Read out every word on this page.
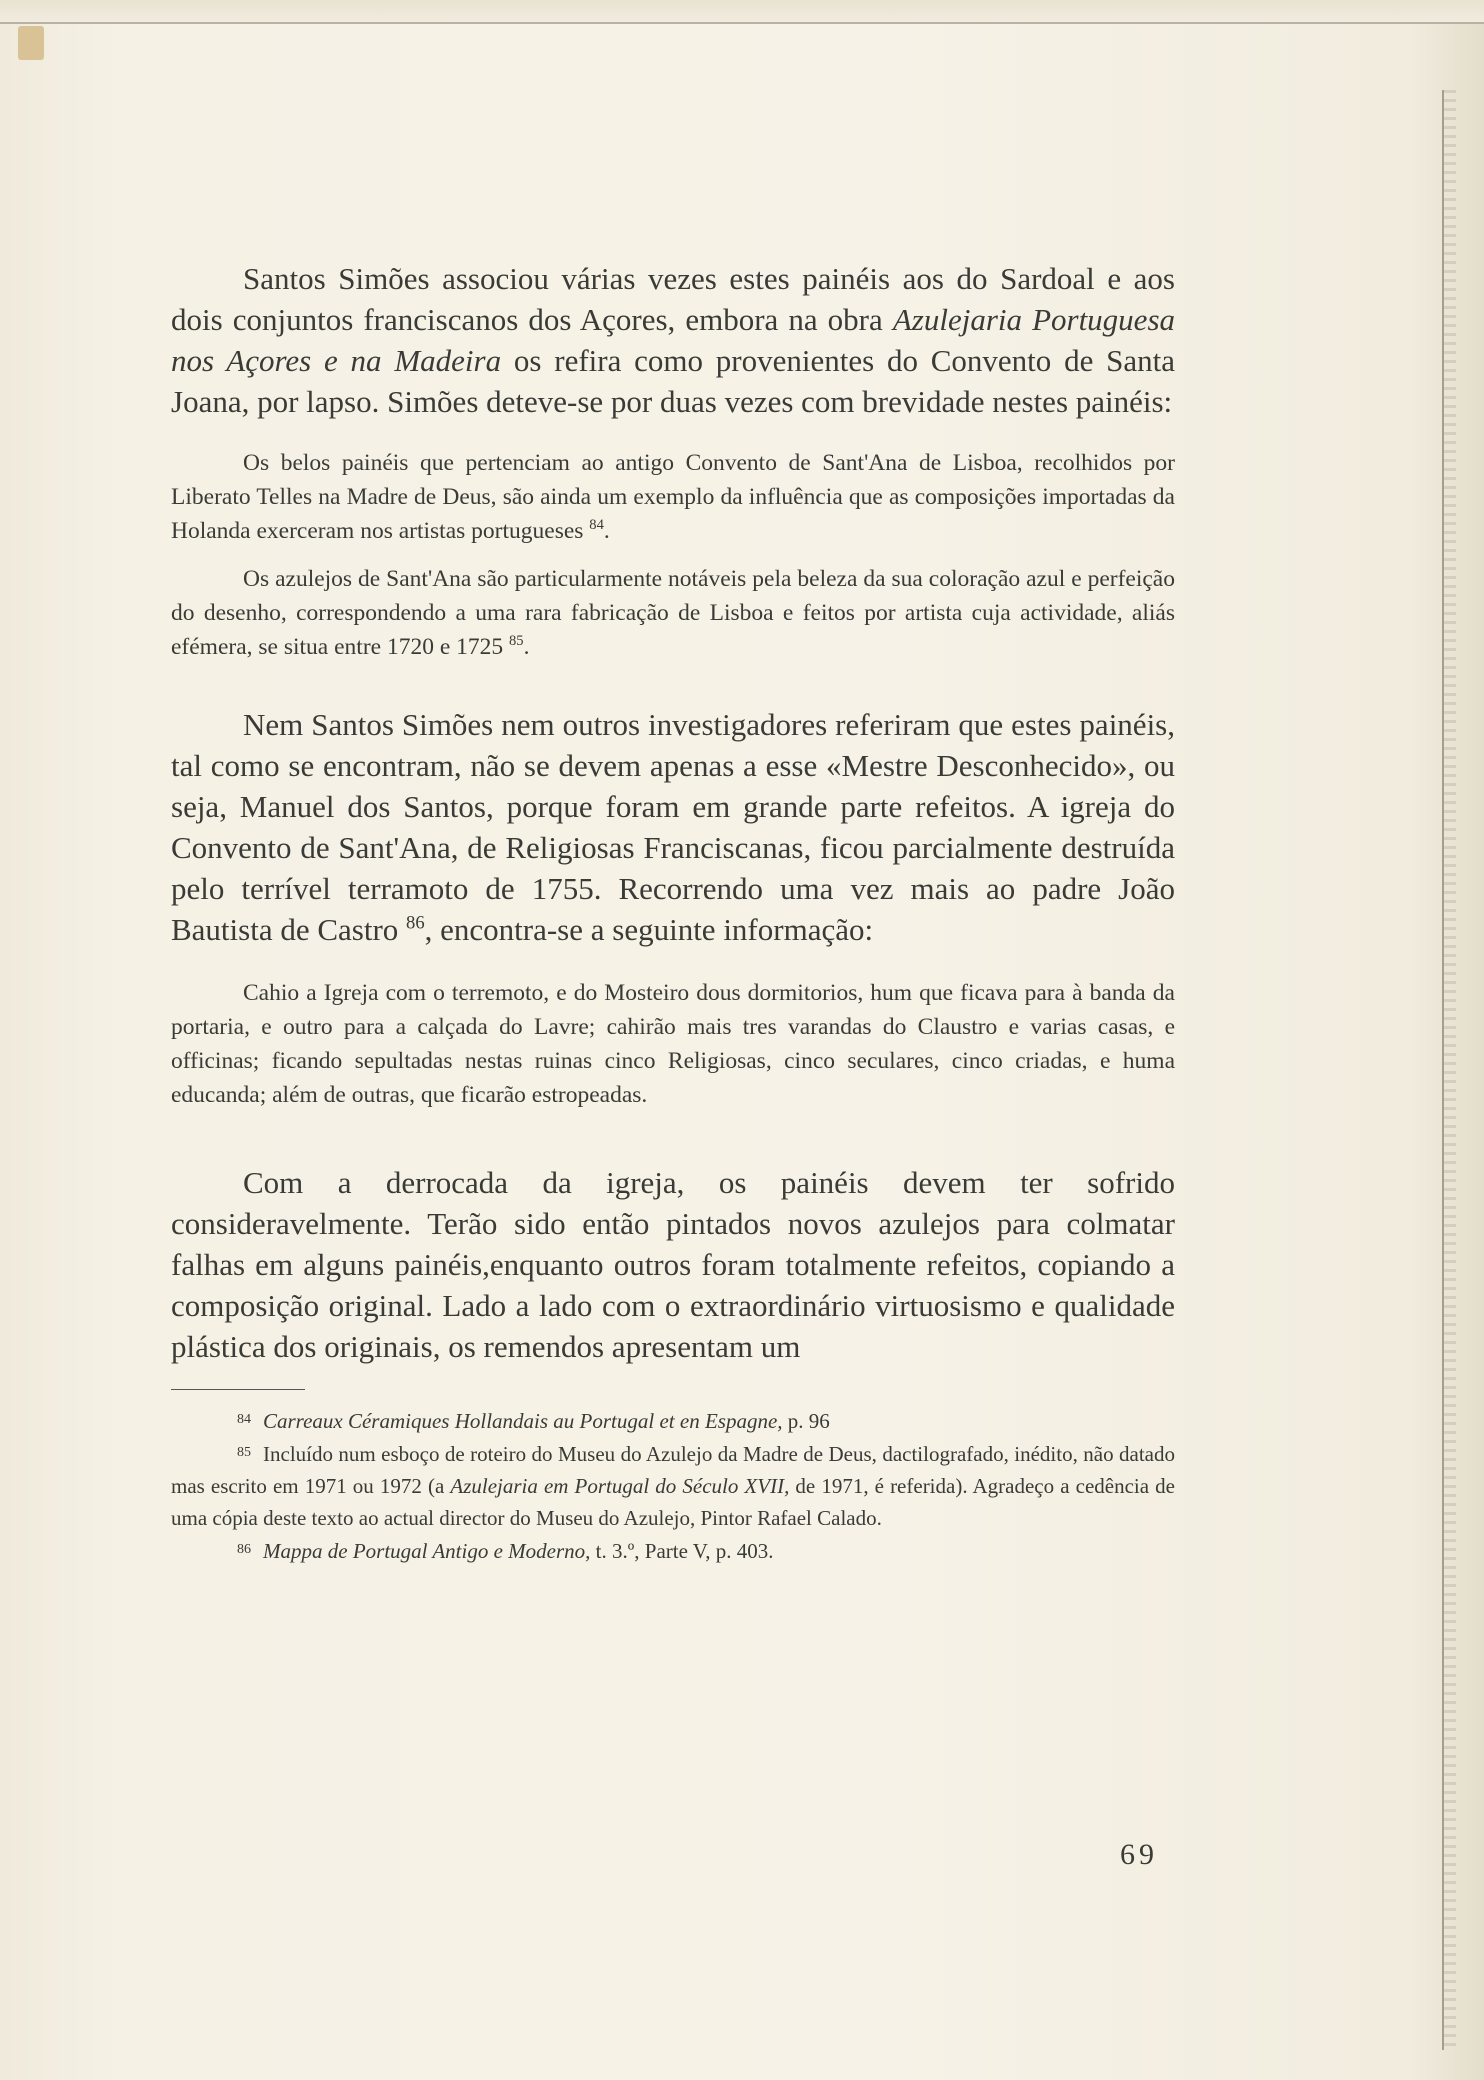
Santos Simões associou várias vezes estes painéis aos do Sardoal e aos dois conjuntos franciscanos dos Açores, embora na obra Azulejaria Portuguesa nos Açores e na Madeira os refira como provenientes do Convento de Santa Joana, por lapso. Simões deteve-se por duas vezes com brevidade nestes painéis:

Os belos painéis que pertenciam ao antigo Convento de Sant'Ana de Lisboa, recolhidos por Liberato Telles na Madre de Deus, são ainda um exemplo da influência que as composições importadas da Holanda exerceram nos artistas portugueses $^{84}$.

Os azulejos de Sant'Ana são particularmente notáveis pela beleza da sua coloração azul e perfeição do desenho, correspondendo a uma rara fabricação de Lisboa e feitos por artista cuja actividade, aliás efémera, se situa entre 1720 e 1725 $^{85}$.

Nem Santos Simões nem outros investigadores referiram que estes painéis, tal como se encontram, não se devem apenas a esse «Mestre Desconhecido», ou seja, Manuel dos Santos, porque foram em grande parte refeitos. A igreja do Convento de Sant'Ana, de Religiosas Franciscanas, ficou parcialmente destruída pelo terrível terramoto de 1755. Recorrendo uma vez mais ao padre João Bautista de Castro $^{86}$, encontra-se a seguinte informação:

Cahio a Igreja com o terremoto, e do Mosteiro dous dormitorios, hum que ficava para à banda da portaria, e outro para a calçada do Lavre; cahirão mais tres varandas do Claustro e varias casas, e officinas; ficando sepultadas nestas ruinas cinco Religiosas, cinco seculares, cinco criadas, e huma educanda; além de outras, que ficarão estropeadas.

Com a derrocada da igreja, os painéis devem ter sofrido consideravelmente. Terão sido então pintados novos azulejos para colmatar falhas em alguns painéis,enquanto outros foram totalmente refeitos, copiando a composição original. Lado a lado com o extraordinário virtuosismo e qualidade plástica dos originais, os remendos apresentam um

84 Carreaux Céramiques Hollandais au Portugal et en Espagne, p. 96

85 Incluído num esboço de roteiro do Museu do Azulejo da Madre de Deus, dactilografado, inédito, não datado mas escrito em 1971 ou 1972 (a Azulejaria em Portugal do Século XVII, de 1971, é referida). Agradeço a cedência de uma cópia deste texto ao actual director do Museu do Azulejo, Pintor Rafael Calado.

86 Mappa de Portugal Antigo e Moderno, t. 3.º, Parte V, p. 403.

69
